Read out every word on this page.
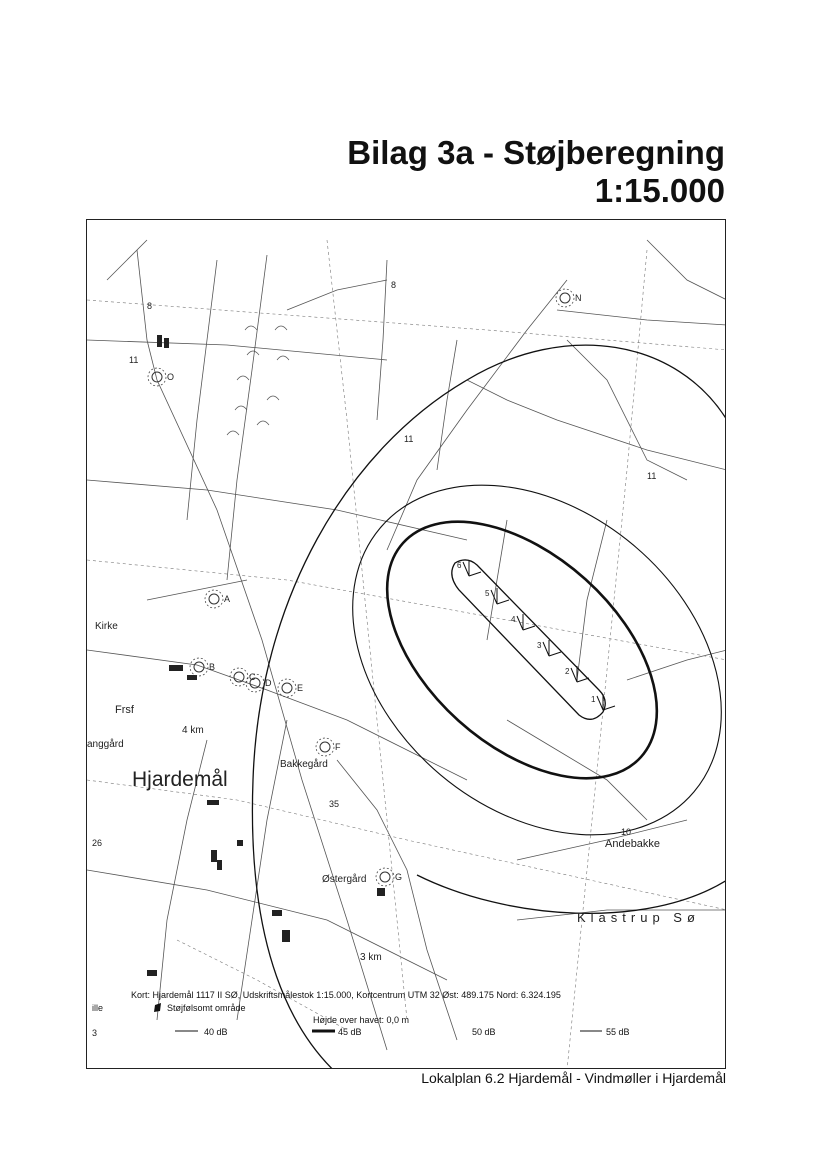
Bilag 3a - Støjberegning
1:15.000
1
2
3
4
5
6
A
B
C
D	E
F
G
N
O
Hjardemål
Kirke
Frsf
anggård
Bakkegård
Østergård
Andebakke
Klastrup Sø
4 km
3 km
8
8
11
11
11
35
10
26
3
ille
Kort: Hjardemål 1117 II SØ, Udskriftsmålestok 1:15.000, Kortcentrum UTM 32 Øst: 489.175 Nord: 6.324.195
Støjfølsomt område
Højde over havet: 0,0 m
40 dB	45 dB	50 dB	55 dB
Lokalplan 6.2 Hjardemål - Vindmøller i Hjardemål
